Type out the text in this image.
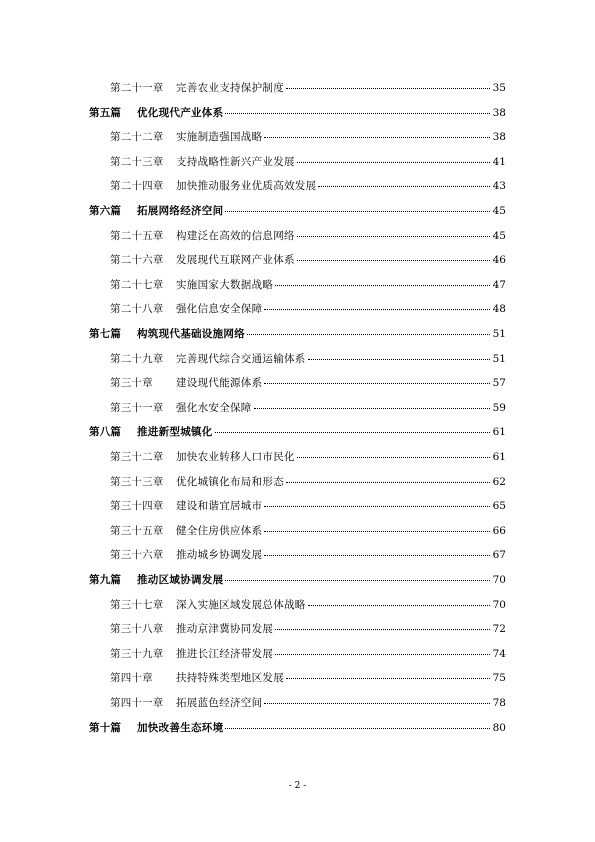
第二十一章	完善农业支持保护制度	35
第五篇	优化现代产业体系	38
第二十二章	实施制造强国战略	38
第二十三章	支持战略性新兴产业发展	41
第二十四章	加快推动服务业优质高效发展	43
第六篇	拓展网络经济空间	45
第二十五章	构建泛在高效的信息网络	45
第二十六章	发展现代互联网产业体系	46
第二十七章	实施国家大数据战略	47
第二十八章	强化信息安全保障	48
第七篇	构筑现代基础设施网络	51
第二十九章	完善现代综合交通运输体系	51
第三十章	建设现代能源体系	57
第三十一章	强化水安全保障	59
第八篇	推进新型城镇化	61
第三十二章	加快农业转移人口市民化	61
第三十三章	优化城镇化布局和形态	62
第三十四章	建设和谐宜居城市	65
第三十五章	健全住房供应体系	66
第三十六章	推动城乡协调发展	67
第九篇	推动区域协调发展	70
第三十七章	深入实施区域发展总体战略	70
第三十八章	推动京津冀协同发展	72
第三十九章	推进长江经济带发展	74
第四十章	扶持特殊类型地区发展	75
第四十一章	拓展蓝色经济空间	78
第十篇	加快改善生态环境	80
- 2 -
